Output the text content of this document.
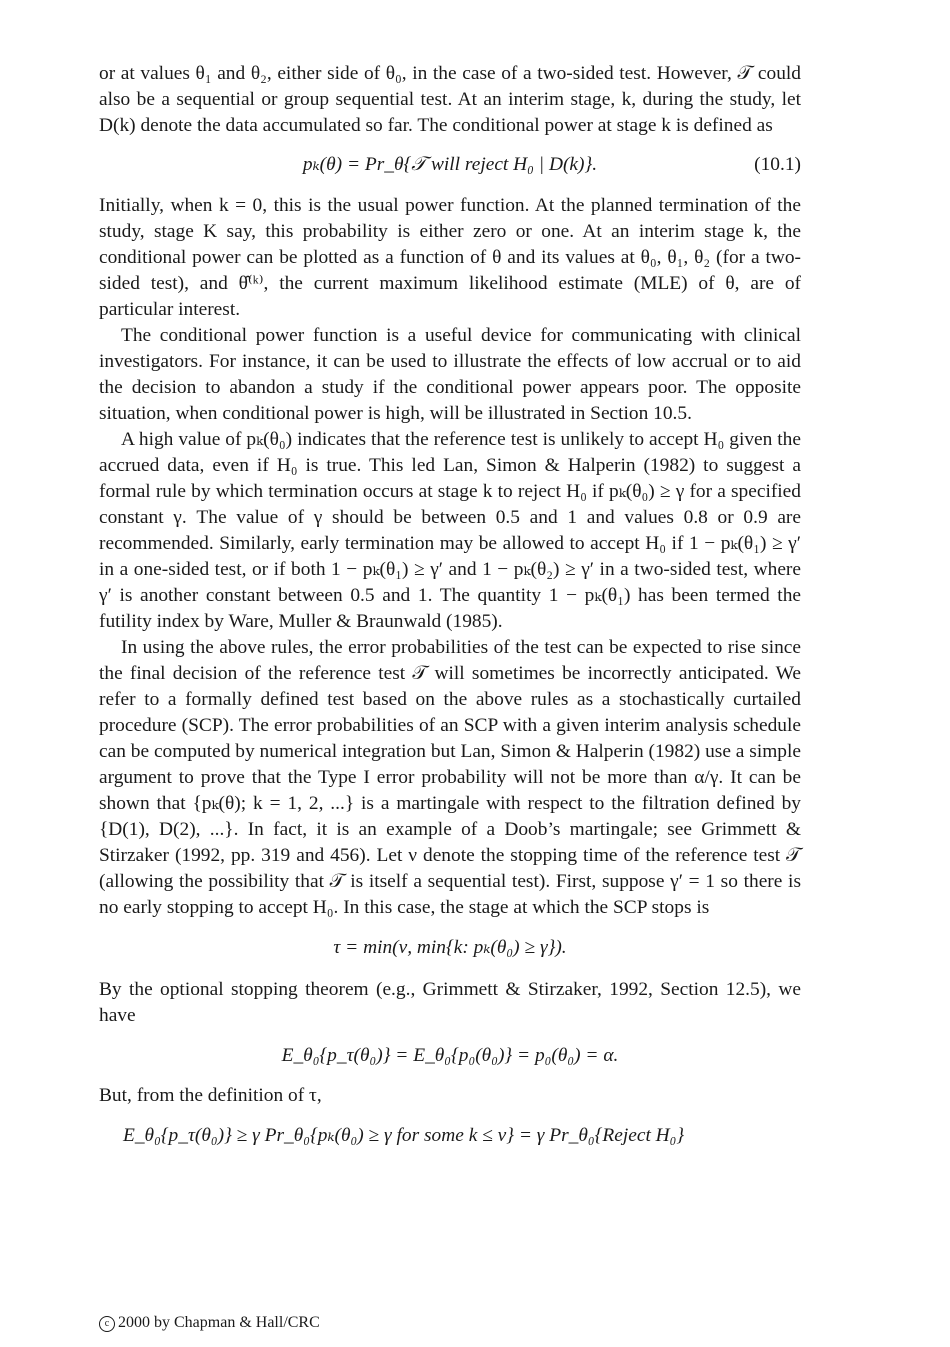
or at values θ₁ and θ₂, either side of θ₀, in the case of a two-sided test. However, 𝒯 could also be a sequential or group sequential test. At an interim stage, k, during the study, let D(k) denote the data accumulated so far. The conditional power at stage k is defined as

pₖ(θ) = Pr_θ{𝒯 will reject H₀ | D(k)}.	(10.1)

Initially, when k = 0, this is the usual power function. At the planned termination of the study, stage K say, this probability is either zero or one. At an interim stage k, the conditional power can be plotted as a function of θ and its values at θ₀, θ₁, θ₂ (for a two-sided test), and θ̂⁽ᵏ⁾, the current maximum likelihood estimate (MLE) of θ, are of particular interest.

The conditional power function is a useful device for communicating with clinical investigators. For instance, it can be used to illustrate the effects of low accrual or to aid the decision to abandon a study if the conditional power appears poor. The opposite situation, when conditional power is high, will be illustrated in Section 10.5.

A high value of pₖ(θ₀) indicates that the reference test is unlikely to accept H₀ given the accrued data, even if H₀ is true. This led Lan, Simon & Halperin (1982) to suggest a formal rule by which termination occurs at stage k to reject H₀ if pₖ(θ₀) ≥ γ for a specified constant γ. The value of γ should be between 0.5 and 1 and values 0.8 or 0.9 are recommended. Similarly, early termination may be allowed to accept H₀ if 1 − pₖ(θ₁) ≥ γ′ in a one-sided test, or if both 1 − pₖ(θ₁) ≥ γ′ and 1 − pₖ(θ₂) ≥ γ′ in a two-sided test, where γ′ is another constant between 0.5 and 1. The quantity 1 − pₖ(θ₁) has been termed the futility index by Ware, Muller & Braunwald (1985).

In using the above rules, the error probabilities of the test can be expected to rise since the final decision of the reference test 𝒯 will sometimes be incorrectly anticipated. We refer to a formally defined test based on the above rules as a stochastically curtailed procedure (SCP). The error probabilities of an SCP with a given interim analysis schedule can be computed by numerical integration but Lan, Simon & Halperin (1982) use a simple argument to prove that the Type I error probability will not be more than α/γ. It can be shown that {pₖ(θ); k = 1, 2, ...} is a martingale with respect to the filtration defined by {D(1), D(2), ...}. In fact, it is an example of a Doob’s martingale; see Grimmett & Stirzaker (1992, pp. 319 and 456). Let ν denote the stopping time of the reference test 𝒯 (allowing the possibility that 𝒯 is itself a sequential test). First, suppose γ′ = 1 so there is no early stopping to accept H₀. In this case, the stage at which the SCP stops is

τ = min(ν, min{k: pₖ(θ₀) ≥ γ}).

By the optional stopping theorem (e.g., Grimmett & Stirzaker, 1992, Section 12.5), we have

E_θ₀{p_τ(θ₀)} = E_θ₀{p₀(θ₀)} = p₀(θ₀) = α.

But, from the definition of τ,

E_θ₀{p_τ(θ₀)} ≥ γ Pr_θ₀{pₖ(θ₀) ≥ γ for some k ≤ ν} = γ Pr_θ₀{Reject H₀}
c 2000 by Chapman & Hall/CRC
